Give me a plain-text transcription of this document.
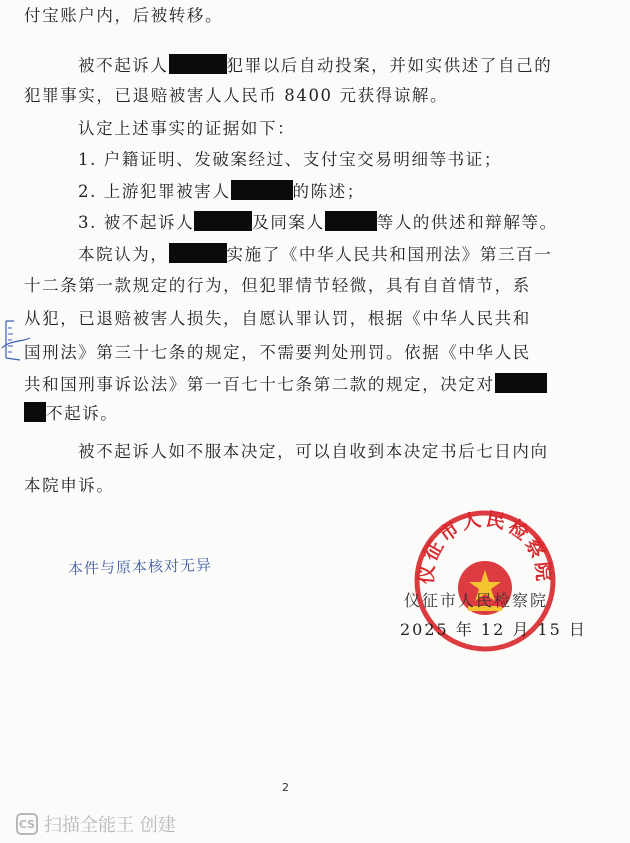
付宝账户内，后被转移。
被不起诉人	犯罪以后自动投案，并如实供述了自己的
犯罪事实，已退赔被害人人民币 8400 元获得谅解。
认定上述事实的证据如下：
1. 户籍证明、发破案经过、支付宝交易明细等书证；
2. 上游犯罪被害人	的陈述；
3. 被不起诉人	及同案人	等人的供述和辩解等。
本院认为，	实施了《中华人民共和国刑法》第三百一
十二条第一款规定的行为，但犯罪情节轻微，具有自首情节，系
从犯，已退赔被害人损失，自愿认罪认罚，根据《中华人民共和
国刑法》第三十七条的规定，不需要判处刑罚。依据《中华人民
共和国刑事诉讼法》第一百七十七条第二款的规定，决定对
不起诉。
被不起诉人如不服本决定，可以自收到本决定书后七日内向
本院申诉。
本件与原本核对无异	仪征市人民检察院
仪征市人民检察院
2025 年 12 月 15 日
2
CS 扫描全能王 创建
